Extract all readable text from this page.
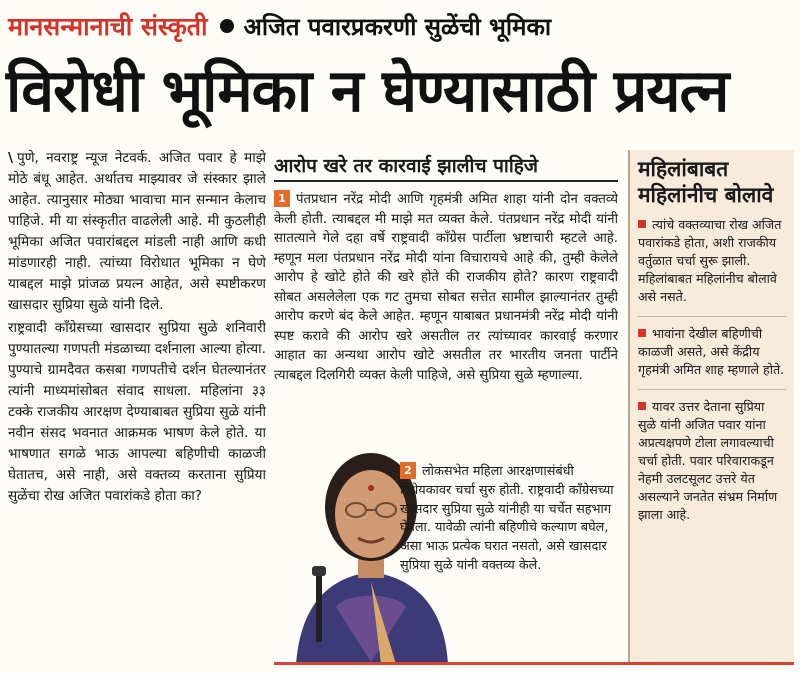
मानसन्मानाची संस्कृती अजित पवारप्रकरणी सुळेंची भूमिका
विरोधी भूमिका न घेण्यासाठी प्रयत्न

\ पुणे, नवराष्ट्र न्यूज नेटवर्क. अजित पवार हे माझे मोठे बंधू आहेत. अर्थातच माझ्यावर जे संस्कार झाले आहेत. त्यानुसार मोठ्या भावाचा मान सन्मान केलाच पाहिजे. मी या संस्कृतीत वाढलेली आहे. मी कुठलीही भूमिका अजित पवारांबद्दल मांडली नाही आणि कधी मांडणारही नाही. त्यांच्या विरोधात भूमिका न घेणे याबद्दल माझे प्रांजळ प्रयत्न आहेत, असे स्पष्टीकरण खासदार सुप्रिया सुळे यांनी दिले.

राष्ट्रवादी काँग्रेसच्या खासदार सुप्रिया सुळे शनिवारी पुण्यातल्या गणपती मंडळाच्या दर्शनाला आल्या होत्या. पुण्याचे ग्रामदैवत कसबा गणपतीचे दर्शन घेतल्यानंतर त्यांनी माध्यमांसोबत संवाद साधला. महिलांना ३३ टक्के राजकीय आरक्षण देण्याबाबत सुप्रिया सुळे यांनी नवीन संसद भवनात आक्रमक भाषण केले होते. या भाषणात सगळे भाऊ आपल्या बहिणीची काळजी घेतातच, असे नाही, असे वक्तव्य करताना सुप्रिया सुळेंचा रोख अजित पवारांकडे होता का?

आरोप खरे तर कारवाई झालीच पाहिजे

1 पंतप्रधान नरेंद्र मोदी आणि गृहमंत्री अमित शाहा यांनी दोन वक्तव्ये केली होती. त्याबद्दल मी माझे मत व्यक्त केले. पंतप्रधान नरेंद्र मोदी यांनी सातत्याने गेले दहा वर्षे राष्ट्रवादी काँग्रेस पार्टीला भ्रष्टाचारी म्हटले आहे. म्हणून मला पंतप्रधान नरेंद्र मोदी यांना विचारायचे आहे की, तुम्ही केलेले आरोप हे खोटे होते की खरे होते की राजकीय होते? कारण राष्ट्रवादी सोबत असलेलेला एक गट तुमचा सोबत सत्तेत सामील झाल्यानंतर तुम्ही आरोप करणे बंद केले आहेत. म्हणून याबाबत प्रधानमंत्री नरेंद्र मोदी यांनी स्पष्ट करावे की आरोप खरे असतील तर त्यांच्यावर कारवाई करणार आहात का अन्यथा आरोप खोटे असतील तर भारतीय जनता पार्टीने त्याबद्दल दिलगिरी व्यक्त केली पाहिजे, असे सुप्रिया सुळे म्हणाल्या.

2 लोकसभेत महिला आरक्षणासंबंधी विधेयकावर चर्चा सुरु होती. राष्ट्रवादी काँग्रेसच्या खासदार सुप्रिया सुळे यांनीही या चर्चेत सहभाग घेतला. यावेळी त्यांनी बहिणीचे कल्याण बघेल, असा भाऊ प्रत्येक घरात नसतो, असे खासदार सुप्रिया सुळे यांनी वक्तव्य केले.
महिलांबाबत महिलांनीच बोलावे
त्यांचे वक्तव्याचा रोख अजित पवारांकडे होता, अशी राजकीय वर्तुळात चर्चा सुरू झाली. महिलांबाबत महिलांनीच बोलावे असे नसते.
भावांना देखील बहिणीची काळजी असते, असे केंद्रीय गृहमंत्री अमित शाह म्हणाले होते.
यावर उत्तर देताना सुप्रिया सुळे यांनी अजित पवार यांना अप्रत्यक्षपणे टोला लगावल्याची चर्चा होती. पवार परिवाराकडून नेहमी उलटसूलट उत्तरे येत असल्याने जनतेत संभ्रम निर्माण झाला आहे.
